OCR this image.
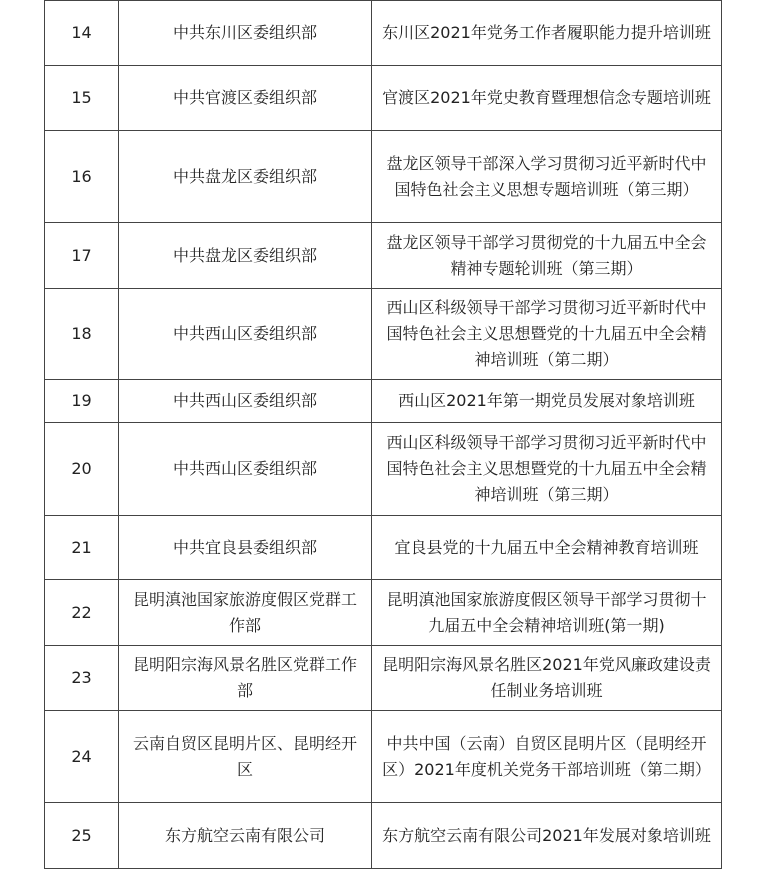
14	中共东川区委组织部	东川区2021年党务工作者履职能力提升培训班
15	中共官渡区委组织部	官渡区2021年党史教育暨理想信念专题培训班
16	中共盘龙区委组织部	盘龙区领导干部深入学习贯彻习近平新时代中国特色社会主义思想专题培训班（第三期）
17	中共盘龙区委组织部	盘龙区领导干部学习贯彻党的十九届五中全会精神专题轮训班（第三期）
18	中共西山区委组织部	西山区科级领导干部学习贯彻习近平新时代中国特色社会主义思想暨党的十九届五中全会精神培训班（第二期）
19	中共西山区委组织部	西山区2021年第一期党员发展对象培训班
20	中共西山区委组织部	西山区科级领导干部学习贯彻习近平新时代中国特色社会主义思想暨党的十九届五中全会精神培训班（第三期）
21	中共宜良县委组织部	宜良县党的十九届五中全会精神教育培训班
22	昆明滇池国家旅游度假区党群工作部	昆明滇池国家旅游度假区领导干部学习贯彻十九届五中全会精神培训班(第一期)
23	昆明阳宗海风景名胜区党群工作部	昆明阳宗海风景名胜区2021年党风廉政建设责任制业务培训班
24	云南自贸区昆明片区、昆明经开区	中共中国（云南）自贸区昆明片区（昆明经开区）2021年度机关党务干部培训班（第二期）
25	东方航空云南有限公司	东方航空云南有限公司2021年发展对象培训班
